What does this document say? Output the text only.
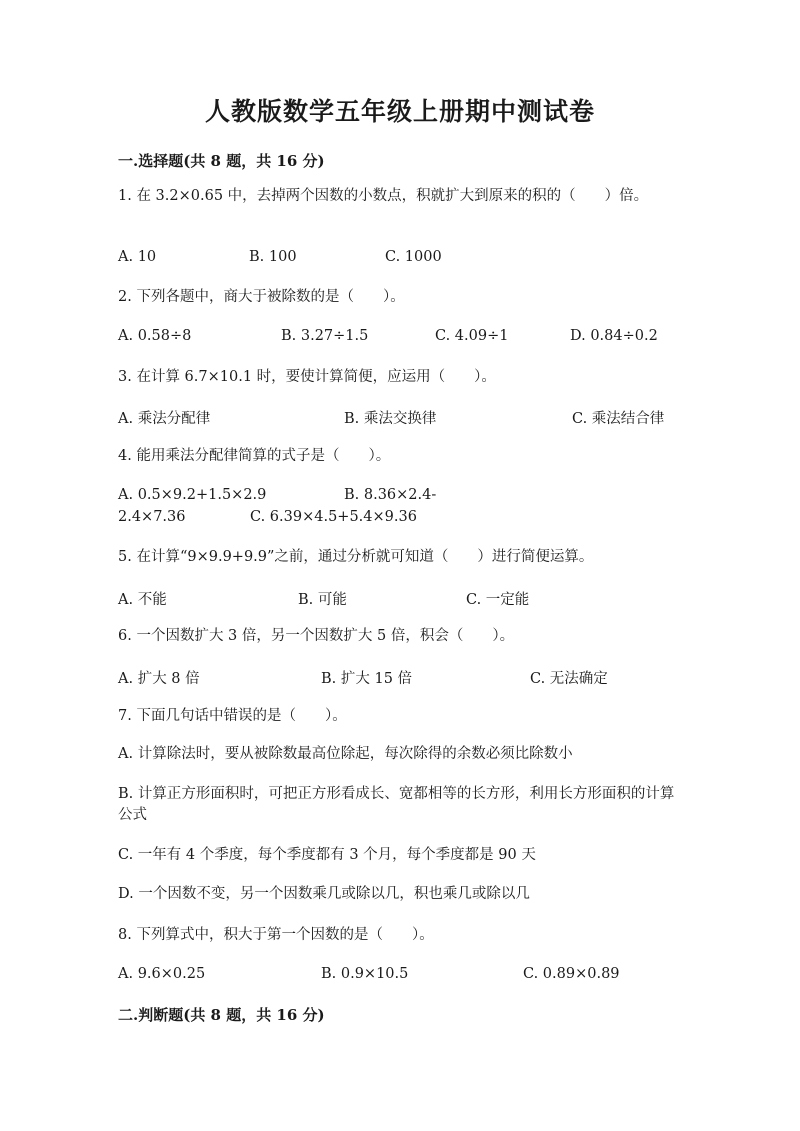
人教版数学五年级上册期中测试卷
一.选择题(共 8 题，共 16 分)
1. 在 3.2×0.65 中，去掉两个因数的小数点，积就扩大到原来的积的（　　）倍。
A. 10	B. 100	C. 1000
2. 下列各题中，商大于被除数的是（　　）。
A. 0.58÷8	B. 3.27÷1.5	C. 4.09÷1	D. 0.84÷0.2
3. 在计算 6.7×10.1 时，要使计算简便，应运用（　　）。
A. 乘法分配律	B. 乘法交换律	C. 乘法结合律
4. 能用乘法分配律简算的式子是（　　）。
A. 0.5×9.2+1.5×2.9	B. 8.36×2.4-
2.4×7.36	C. 6.39×4.5+5.4×9.36
5. 在计算“9×9.9+9.9”之前，通过分析就可知道（　　）进行简便运算。
A. 不能	B. 可能	C. 一定能
6. 一个因数扩大 3 倍，另一个因数扩大 5 倍，积会（　　）。
A. 扩大 8 倍	B. 扩大 15 倍	C. 无法确定
7. 下面几句话中错误的是（　　）。
A. 计算除法时，要从被除数最高位除起，每次除得的余数必须比除数小
B. 计算正方形面积时，可把正方形看成长、宽都相等的长方形，利用长方形面积的计算公式
C. 一年有 4 个季度，每个季度都有 3 个月，每个季度都是 90 天
D. 一个因数不变，另一个因数乘几或除以几，积也乘几或除以几
8. 下列算式中，积大于第一个因数的是（　　）。
A. 9.6×0.25	B. 0.9×10.5	C. 0.89×0.89
二.判断题(共 8 题，共 16 分)
